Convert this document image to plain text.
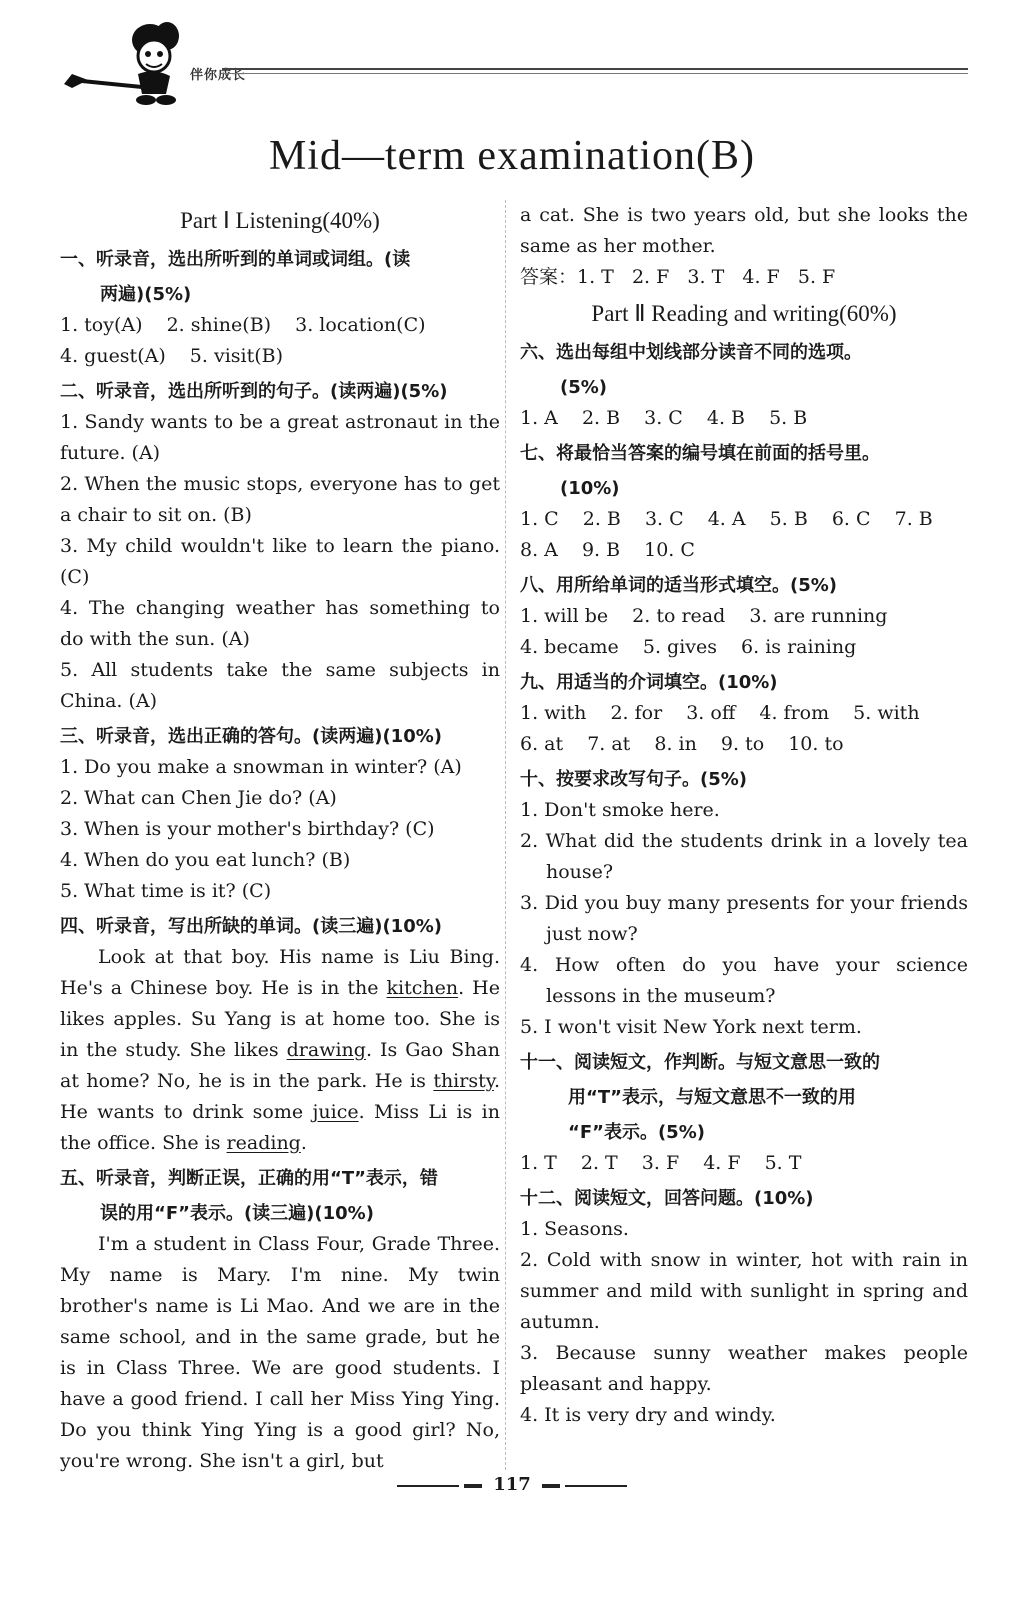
伴你成长
Mid—term examination(B)

Part Ⅰ Listening(40%)

一、听录音，选出所听到的单词或词组。(读

两遍)(5%)

1. toy(A) 2. shine(B) 3. location(C)

4. guest(A) 5. visit(B)

二、听录音，选出所听到的句子。(读两遍)(5%)

1. Sandy wants to be a great astronaut in the future. (A)

2. When the music stops, everyone has to get a chair to sit on. (B)

3. My child wouldn't like to learn the piano. (C)

4. The changing weather has something to do with the sun. (A)

5. All students take the same subjects in China. (A)

三、听录音，选出正确的答句。(读两遍)(10%)

1. Do you make a snowman in winter? (A)

2. What can Chen Jie do? (A)

3. When is your mother's birthday? (C)

4. When do you eat lunch? (B)

5. What time is it? (C)

四、听录音，写出所缺的单词。(读三遍)(10%)

Look at that boy. His name is Liu Bing. He's a Chinese boy. He is in the kitchen. He likes apples. Su Yang is at home too. She is in the study. She likes drawing. Is Gao Shan at home? No, he is in the park. He is thirsty. He wants to drink some juice. Miss Li is in the office. She is reading.

五、听录音，判断正误，正确的用“T”表示，错

误的用“F”表示。(读三遍)(10%)

I'm a student in Class Four, Grade Three. My name is Mary. I'm nine. My twin brother's name is Li Mao. And we are in the same school, and in the same grade, but he is in Class Three. We are good students. I have a good friend. I call her Miss Ying Ying. Do you think Ying Ying is a good girl? No, you're wrong. She isn't a girl, but

a cat. She is two years old, but she looks the same as her mother.

答案：1. T   2. F   3. T   4. F   5. F

Part Ⅱ Reading and writing(60%)

六、选出每组中划线部分读音不同的选项。

(5%)

1. A 2. B 3. C 4. B 5. B

七、将最恰当答案的编号填在前面的括号里。

(10%)

1. C 2. B 3. C 4. A 5. B 6. C 7. B

8. A 9. B 10. C

八、用所给单词的适当形式填空。(5%)

1. will be 2. to read 3. are running

4. became 5. gives 6. is raining

九、用适当的介词填空。(10%)

1. with 2. for 3. off 4. from 5. with

6. at 7. at 8. in 9. to 10. to

十、按要求改写句子。(5%)

1. Don't smoke here.

2. What did the students drink in a lovely tea house?

3. Did you buy many presents for your friends just now?

4. How often do you have your science lessons in the museum?

5. I won't visit New York next term.

十一、阅读短文，作判断。与短文意思一致的

用“T”表示，与短文意思不一致的用

“F”表示。(5%)

1. T 2. T 3. F 4. F 5. T

十二、阅读短文，回答问题。(10%)

1. Seasons.

2. Cold with snow in winter, hot with rain in summer and mild with sunlight in spring and autumn.

3. Because sunny weather makes people pleasant and happy.

4. It is very dry and windy.

117
